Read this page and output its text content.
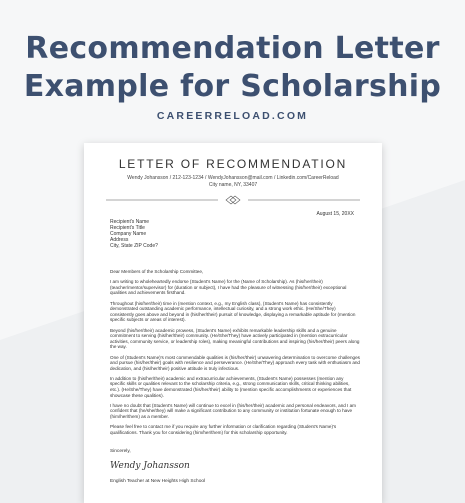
Recommendation Letter
Example for Scholarship
CAREERRELOAD.COM
LETTER OF RECOMMENDATION
Wendy Johansson / 212-123-1234 / WendyJohansson@mail.com / Linkedin.com/CareerReload
City name, NY, 33407
August 15, 20XX
Recipient's Name
Recipient's Title
Company Name
Address
City, State ZIP Code?

Dear Members of the Scholarship Committee,

I am writing to wholeheartedly endorse (Student's Name) for the (Name of Scholarship). As (his/her/their) (teacher/mentor/supervisor) for (duration or subject), I have had the pleasure of witnessing (his/her/their) exceptional qualities and achievements firsthand.

Throughout (his/her/their) time in (mention context, e.g., my English class), (Student's Name) has consistently demonstrated outstanding academic performance, intellectual curiosity, and a strong work ethic. (He/She/They) consistently goes above and beyond in (his/her/their) pursuit of knowledge, displaying a remarkable aptitude for (mention specific subjects or areas of interest).

Beyond (his/her/their) academic prowess, (Student's Name) exhibits remarkable leadership skills and a genuine commitment to serving (his/her/their) community. (He/She/They) have actively participated in (mention extracurricular activities, community service, or leadership roles), making meaningful contributions and inspiring (his/her/their) peers along the way.

One of (Student's Name)'s most commendable qualities is (his/her/their) unwavering determination to overcome challenges and pursue (his/her/their) goals with resilience and perseverance. (He/She/They) approach every task with enthusiasm and dedication, and (his/her/their) positive attitude is truly infectious.

In addition to (his/her/their) academic and extracurricular achievements, (Student's Name) possesses (mention any specific skills or qualities relevant to the scholarship criteria, e.g., strong communication skills, critical thinking abilities, etc.). (He/She/They) have demonstrated (his/her/their) ability to (mention specific accomplishments or experiences that showcase these qualities).

I have no doubt that (Student's Name) will continue to excel in (his/her/their) academic and personal endeavors, and I am confident that (he/she/they) will make a significant contribution to any community or institution fortunate enough to have (him/her/them) as a member.

Please feel free to contact me if you require any further information or clarification regarding (Student's Name)'s qualifications. Thank you for considering (him/her/them) for this scholarship opportunity.

Sincerely,
Wendy Johansson
English Teacher at New Heights High School
